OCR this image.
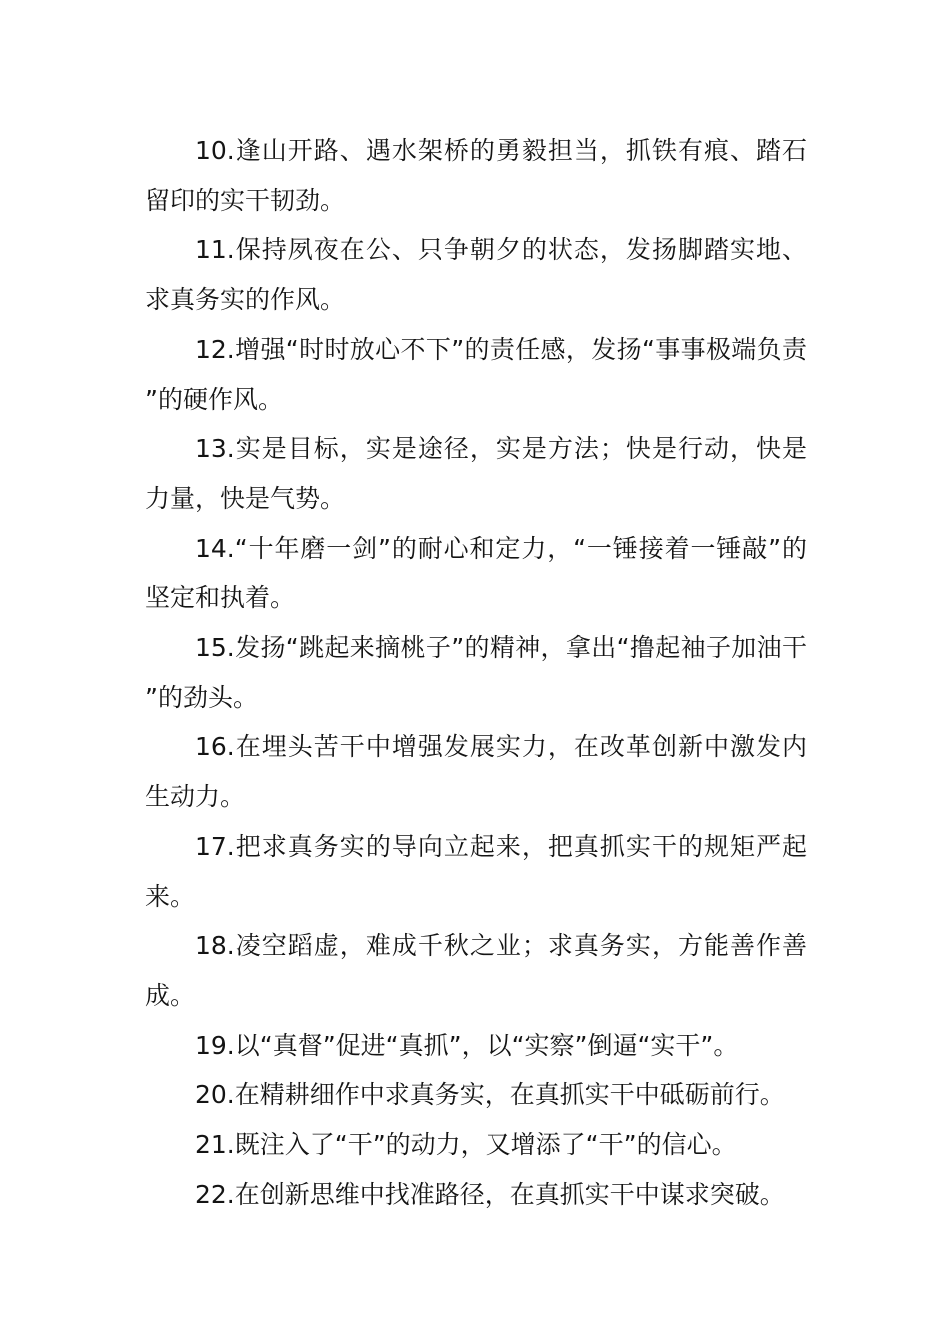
10.逢山开路、遇水架桥的勇毅担当，抓铁有痕、踏石留印的实干韧劲。

11.保持夙夜在公、只争朝夕的状态，发扬脚踏实地、求真务实的作风。

12.增强“时时放心不下”的责任感，发扬“事事极端负责”的硬作风。

13.实是目标，实是途径，实是方法；快是行动，快是力量，快是气势。

14.“十年磨一剑”的耐心和定力，“一锤接着一锤敲”的坚定和执着。

15.发扬“跳起来摘桃子”的精神，拿出“撸起袖子加油干”的劲头。

16.在埋头苦干中增强发展实力，在改革创新中激发内生动力。

17.把求真务实的导向立起来，把真抓实干的规矩严起来。

18.凌空蹈虚，难成千秋之业；求真务实，方能善作善成。

19.以“真督”促进“真抓”，以“实察”倒逼“实干”。

20.在精耕细作中求真务实，在真抓实干中砥砺前行。

21.既注入了“干”的动力，又增添了“干”的信心。

22.在创新思维中找准路径，在真抓实干中谋求突破。
